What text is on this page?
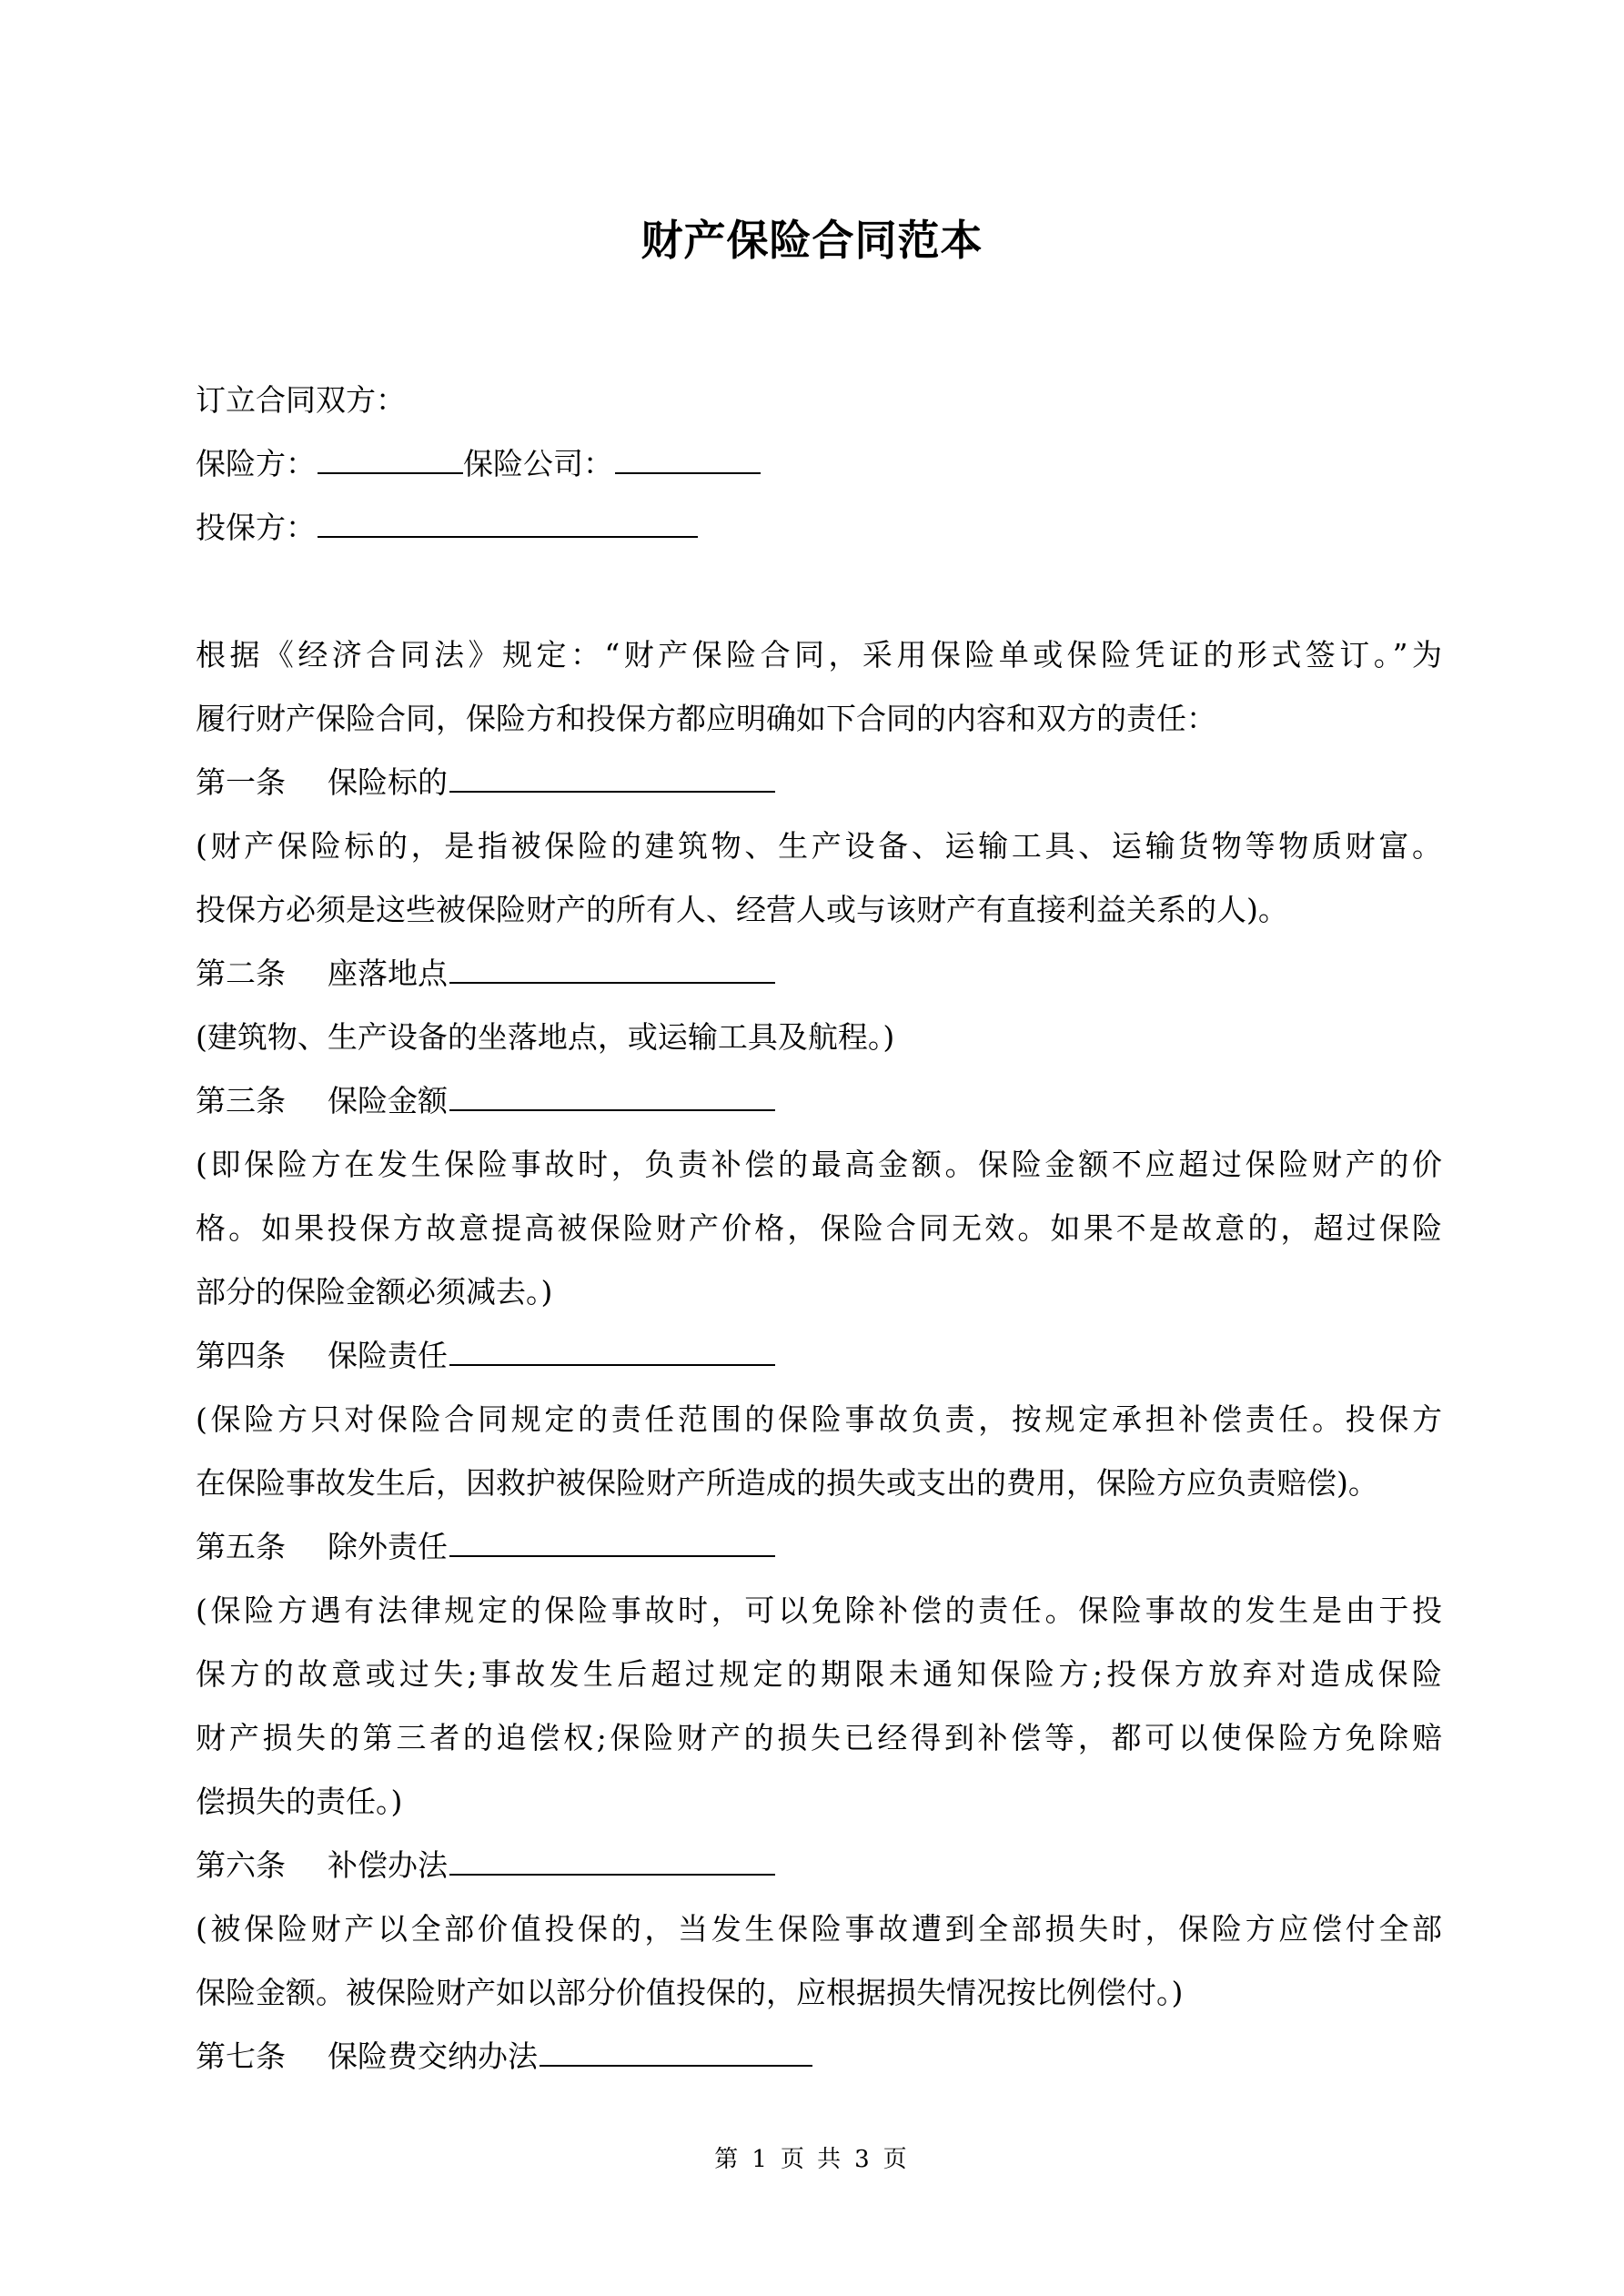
财产保险合同范本
订立合同双方：
保险方：	保险公司：
投保方：
根据《经济合同法》规定：“财产保险合同，采用保险单或保险凭证的形式签订。”为
履行财产保险合同，保险方和投保方都应明确如下合同的内容和双方的责任：
第一条 保险标的
(财产保险标的，是指被保险的建筑物、生产设备、运输工具、运输货物等物质财富。
投保方必须是这些被保险财产的所有人、经营人或与该财产有直接利益关系的人)。
第二条 座落地点
(建筑物、生产设备的坐落地点，或运输工具及航程。)
第三条 保险金额
(即保险方在发生保险事故时，负责补偿的最高金额。保险金额不应超过保险财产的价
格。如果投保方故意提高被保险财产价格，保险合同无效。如果不是故意的，超过保险
部分的保险金额必须减去。)
第四条 保险责任
(保险方只对保险合同规定的责任范围的保险事故负责，按规定承担补偿责任。投保方
在保险事故发生后，因救护被保险财产所造成的损失或支出的费用，保险方应负责赔偿)。
第五条 除外责任
(保险方遇有法律规定的保险事故时，可以免除补偿的责任。保险事故的发生是由于投
保方的故意或过失;事故发生后超过规定的期限未通知保险方;投保方放弃对造成保险
财产损失的第三者的追偿权;保险财产的损失已经得到补偿等，都可以使保险方免除赔
偿损失的责任。)
第六条 补偿办法
(被保险财产以全部价值投保的，当发生保险事故遭到全部损失时，保险方应偿付全部
保险金额。被保险财产如以部分价值投保的，应根据损失情况按比例偿付。)
第七条 保险费交纳办法
第 1 页 共 3 页
